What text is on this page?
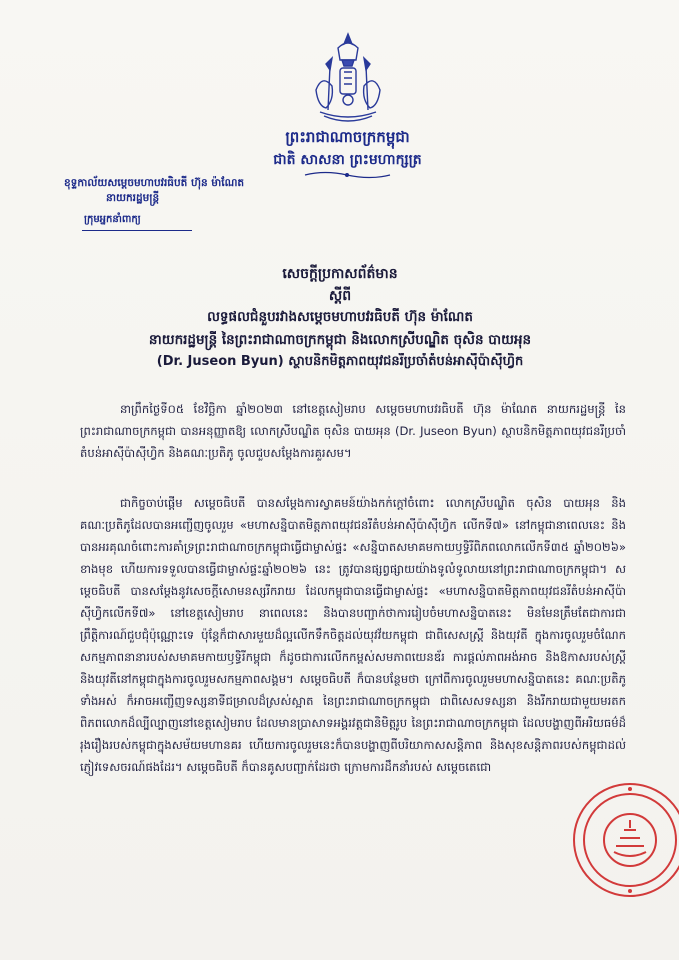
ព្រះរាជាណាចក្រកម្ពុជា
ជាតិ សាសនា ព្រះមហាក្សត្រ
ខុទ្ទកាល័យសម្តេចមហាបវរធិបតី ហ៊ុន ម៉ាណែត
នាយករដ្ឋមន្ត្រី
ក្រុមអ្នកនាំពាក្យ
សេចក្តីប្រកាសព័ត៌មាន
ស្តីពី
លទ្ធផលជំនួបរវាងសម្តេចមហាបវរធិបតី ហ៊ុន ម៉ាណែត
នាយករដ្ឋមន្ត្រី នៃព្រះរាជាណាចក្រកម្ពុជា និងលោកស្រីបណ្ឌិត ចុសិន បាយអុន
(Dr. Juseon Byun) ស្ថាបនិកមិត្តភាពយុវជនរីប្រចាំតំបន់អាស៊ីប៉ាស៊ីហ្វិក
នាព្រឹកថ្ងៃទី០៥ ខែវិច្ឆិកា ឆ្នាំ២០២៣ នៅខេត្តសៀមរាប សម្តេចមហាបវរធិបតី ហ៊ុន ម៉ាណែត នាយករដ្ឋមន្ត្រី នៃព្រះរាជាណាចក្រកម្ពុជា បានអនុញ្ញាតឱ្យ លោកស្រីបណ្ឌិត ចុសិន បាយអុន (Dr. Juseon Byun) ស្ថាបនិកមិត្តភាពយុវជនរីប្រចាំតំបន់អាស៊ីប៉ាស៊ីហ្វិក និងគណៈប្រតិភូ ចូលជួបសម្តែងការគួរសម។
ជាកិច្ចចាប់ផ្តើម សម្តេចធិបតី បានសម្តែងការស្វាគមន៍យ៉ាងកក់ក្តៅចំពោះ លោកស្រីបណ្ឌិត ចុសិន បាយអុន និងគណៈប្រតិភូដែលបានអញ្ជើញចូលរួម «មហាសន្និបាតមិត្តភាពយុវជនរីតំបន់អាស៊ីប៉ាស៊ីហ្វិក លើកទី៧» នៅកម្ពុជានាពេលនេះ និងបានអរគុណចំពោះការគាំទ្រព្រះរាជាណាចក្រកម្ពុជាធ្វើជាម្ចាស់ផ្ទះ «សន្និបាតសមាគមកាយឫទ្ធិរីពិភពលោកលើកទី៣៥ ឆ្នាំ២០២៦» ខាងមុខ ហើយការទទួលបានធ្វើជាម្ចាស់ផ្ទះឆ្នាំ២០២៦ នេះ ត្រូវបានផ្សព្វផ្សាយយ៉ាងទូលំទូលាយនៅព្រះរាជាណាចក្រកម្ពុជា។ សម្តេចធិបតី បានសម្តែងនូវសេចក្តីសោមនស្សរីករាយ ដែលកម្ពុជាបានធ្វើជាម្ចាស់ផ្ទះ «មហាសន្និបាតមិត្តភាពយុវជនរីតំបន់អាស៊ីប៉ាស៊ីហ្វិកលើកទី៧» នៅខេត្តសៀមរាប នាពេលនេះ និងបានបញ្ជាក់ថាការរៀបចំមហាសន្និបាតនេះ មិនមែនត្រឹមតែជាការជាព្រឹត្តិការណ៍ជួបជុំប៉ុណ្ណោះទេ ប៉ុន្តែក៏ជាសារមួយដ៏ល្អលើកទឹកចិត្តដល់យុវវ័យកម្ពុជា ជាពិសេសស្ត្រី និងយុវតី ក្នុងការចូលរួមចំណែកសកម្មភាពនានារបស់សមាគមកាយឫទ្ធិរីកម្ពុជា ក៏ដូចជាការលើកកម្ពស់សមភាពយេនឌ័រ ការផ្តល់ភាពអង់អាច និងឱកាសរបស់ស្ត្រី និងយុវតីនៅកម្ពុជាក្នុងការចូលរួមសកម្មភាពសង្គម។ សម្តេចធិបតី ក៏បានបន្ថែមថា ក្រៅពីការចូលរួមមហាសន្និបាតនេះ គណៈប្រតិភូទាំងអស់ ក៏អាចអញ្ជើញទស្សនាទីជម្រាលដ៏ស្រស់ស្អាត នៃព្រះរាជាណាចក្រកម្ពុជា ជាពិសេសទស្សនា និងរីករាយជាមួយមរតកពិភពលោកដ៏ល្បីល្បាញនៅខេត្តសៀមរាប ដែលមានប្រាសាទអង្គរវត្តជានិមិត្តរូប នៃព្រះរាជាណាចក្រកម្ពុជា ដែលបង្ហាញពីអរិយធម៌ដ៏រុងរឿងរបស់កម្ពុជាក្នុងសម័យមហានគរ ហើយការចូលរួមនេះក៏បានបង្ហាញពីបរិយាកាសសន្តិភាព និងសុខសន្តិភាពរបស់កម្ពុជាដល់ភ្ញៀវទេសចរណ៍ផងដែរ។ សម្តេចធិបតី ក៏បានគូសបញ្ជាក់ដែរថា ក្រោមការដឹកនាំរបស់ សម្តេចតេជោ
